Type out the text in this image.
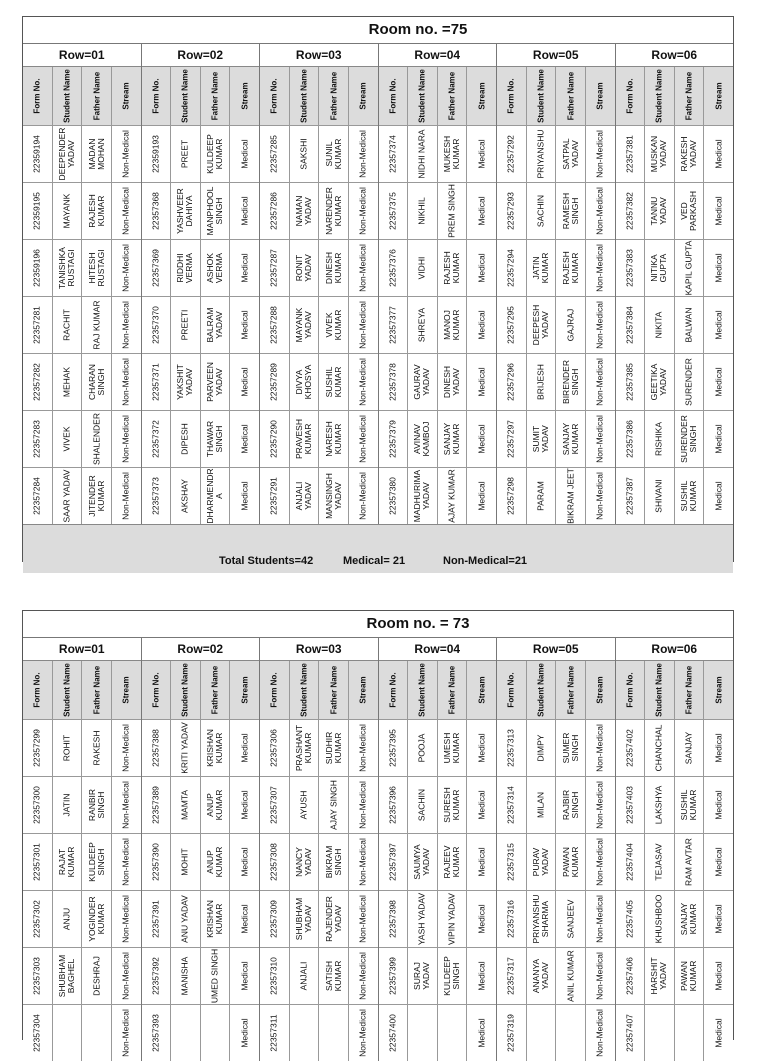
Room no. =75
Row=01
Form No.
22359194
22359195
22359196
22357281
22357282
22357283
22357284
Student Name
DEEPENDER YADAV
MAYANK
TANISHKA RUSTAGI
RACHIT
MEHAK
VIVEK
SAAR YADAV
Father Name
MADAN MOHAN
RAJESH KUMAR
HITESH RUSTAGI
RAJ KUMAR
CHARAN SINGH
SHALENDER
JITENDER KUMAR
Stream
Non-Medical
Non-Medical
Non-Medical
Non-Medical
Non-Medical
Non-Medical
Non-Medical
Row=02
Form No.
22359193
22357368
22357369
22357370
22357371
22357372
22357373
Student Name
PREET
YASHVEER DAHIYA
RIDDHI VERMA
PREETI
YAKSHIT YADAV
DIPESH
AKSHAY
Father Name
KULDEEP KUMAR
MANPHOOL SINGH
ASHOK VERMA
BALRAM YADAV
PARVEEN YADAV
THAWAR SINGH
DHARMENDRA
Stream
Medical
Medical
Medical
Medical
Medical
Medical
Medical
Row=03
Form No.
22357285
22357286
22357287
22357288
22357289
22357290
22357291
Student Name
SAKSHI
NAMAN YADAV
RONIT YADAV
MAYANK YADAV
DIVYA KHOSYA
PRAVESH KUMAR
ANJALI YADAV
Father Name
SUNIL KUMAR
NARENDER KUMAR
DINESH KUMAR
VIVEK KUMAR
SUSHIL KUMAR
NARESH KUMAR
MANSINGH YADAV
Stream
Non-Medical
Non-Medical
Non-Medical
Non-Medical
Non-Medical
Non-Medical
Non-Medical
Row=04
Form No.
22357374
22357375
22357376
22357377
22357378
22357379
22357380
Student Name
NIDHI NARA
NIKHIL
VIDHI
SHREYA
GAURAV YADAV
AVINAV KAMBOJ
MADHURIMA YADAV
Father Name
MUKESH KUMAR
PREM SINGH
RAJESH KUMAR
MANOJ KUMAR
DINESH YADAV
SANJAY KUMAR
AJAY KUMAR
Stream
Medical
Medical
Medical
Medical
Medical
Medical
Medical
Row=05
Form No.
22357292
22357293
22357294
22357295
22357296
22357297
22357298
Student Name
PRIYANSHU
SACHIN
JATIN KUMAR
DEEPESH YADAV
BRIJESH
SUMIT YADAV
PARAM
Father Name
SATPAL YADAV
RAMESH SINGH
RAJESH KUMAR
GAJRAJ
BIRENDER SINGH
SANJAY KUMAR
BIKRAM JEET
Stream
Non-Medical
Non-Medical
Non-Medical
Non-Medical
Non-Medical
Non-Medical
Non-Medical
Row=06
Form No.
22357381
22357382
22357383
22357384
22357385
22357386
22357387
Student Name
MUSKAN YADAV
TANNU YADAV
NITIKA GUPTA
NIKITA
GEETIKA YADAV
RISHIKA
SHIVANI
Father Name
RAKESH YADAV
VED PARKASH
KAPIL GUPTA
BALWAN
SURENDER
SURENDER SINGH
SUSHIL KUMAR
Stream
Medical
Medical
Medical
Medical
Medical
Medical
Medical
Total Students=42	Medical= 21	Non-Medical=21
Room no. = 73
Row=01
Form No.
22357299
22357300
22357301
22357302
22357303
22357304
Student Name
ROHIT
JATIN
RAJAT KUMAR
ANJU
SHUBHAM BAGHEL
Father Name
RAKESH
RANBIR SINGH
KULDEEP SINGH
YOGINDER KUMAR
DESHRAJ
Stream
Non-Medical
Non-Medical
Non-Medical
Non-Medical
Non-Medical
Non-Medical
Row=02
Form No.
22357388
22357389
22357390
22357391
22357392
22357393
Student Name
KRITI YADAV
MAMTA
MOHIT
ANU YADAV
MANISHA
Father Name
KRISHAN KUMAR
ANUP KUMAR
ANUP KUMAR
KRISHAN KUMAR
UMED SINGH
Stream
Medical
Medical
Medical
Medical
Medical
Medical
Row=03
Form No.
22357306
22357307
22357308
22357309
22357310
22357311
Student Name
PRASHANT KUMAR
AYUSH
NANCY YADAV
SHUBHAM YADAV
ANJALI
Father Name
SUDHIR KUMAR
AJAY SINGH
BIKRAM SINGH
RAJENDER YADAV
SATISH KUMAR
Stream
Non-Medical
Non-Medical
Non-Medical
Non-Medical
Non-Medical
Non-Medical
Row=04
Form No.
22357395
22357396
22357397
22357398
22357399
22357400
Student Name
POOJA
SACHIN
SAUMYA YADAV
YASH YADAV
SURAJ YADAV
Father Name
UMESH KUMAR
SURESH KUMAR
RAJEEV KUMAR
VIPIN YADAV
KULDEEP SINGH
Stream
Medical
Medical
Medical
Medical
Medical
Medical
Row=05
Form No.
22357313
22357314
22357315
22357316
22357317
22357319
Student Name
DIMPY
MILAN
PURAV YADAV
PRIYANSHU SHARMA
ANANYA YADAV
Father Name
SUMER SINGH
RAJBIR SINGH
PAWAN KUMAR
SANJEEV
ANIL KUMAR
Stream
Non-Medical
Non-Medical
Non-Medical
Non-Medical
Non-Medical
Non-Medical
Row=06
Form No.
22357402
22357403
22357404
22357405
22357406
22357407
Student Name
CHANCHAL
LAKSHYA
TEJASAV
KHUSHBOO
HARSHIT YADAV
Father Name
SANJAY
SUSHIL KUMAR
RAM AVTAR
SANJAY KUMAR
PAWAN KUMAR
Stream
Medical
Medical
Medical
Medical
Medical
Medical
